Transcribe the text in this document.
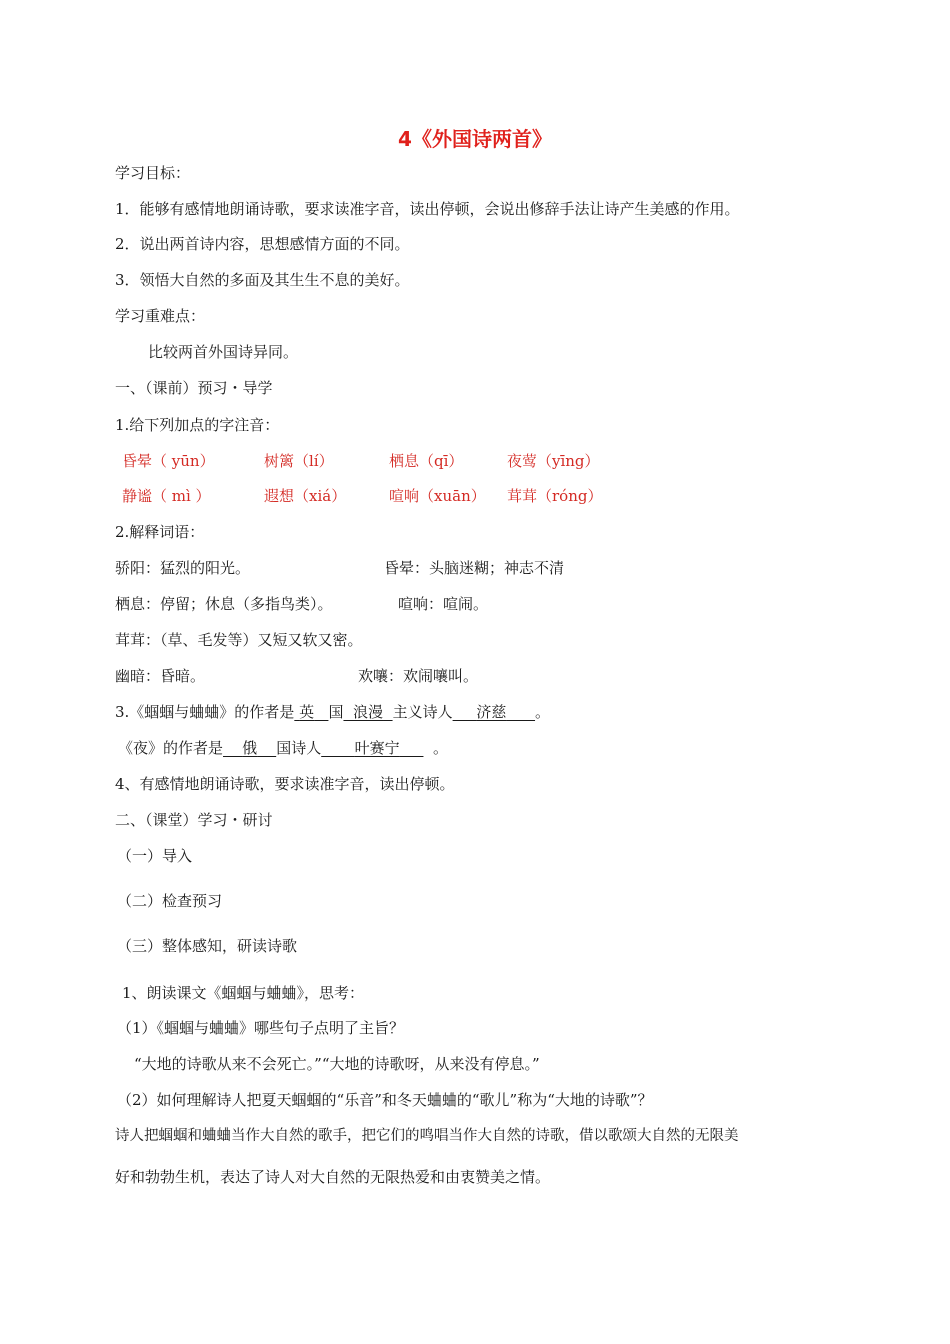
4《外国诗两首》
学习目标：
1．能够有感情地朗诵诗歌，要求读准字音，读出停顿，会说出修辞手法让诗产生美感的作用。
2．说出两首诗内容，思想感情方面的不同。
3．领悟大自然的多面及其生生不息的美好。
学习重难点：
比较两首外国诗异同。
一、（课前）预习・导学
1.给下列加点的字注音：
昏晕（ yūn）	树篱（lí）	栖息（qī）	夜莺（yīng）
静谧（ mì ）	遐想（xiá）	喧响（xuān） 茸茸（róng）
2.解释词语：
骄阳：猛烈的阳光。	昏晕：头脑迷糊；神志不清
栖息：停留；休息（多指鸟类）。	喧响：喧闹。
茸茸：（草、毛发等）又短又软又密。
幽暗：昏暗。	欢嚷：欢闹嚷叫。
3.《蝈蝈与蛐蛐》的作者是 英 国 浪漫 主义诗人 济慈 。
《夜》的作者是 俄 国诗人 叶赛宁 。
4、有感情地朗诵诗歌，要求读准字音，读出停顿。
二、（课堂）学习・研讨
（一）导入
（二）检查预习
（三）整体感知，研读诗歌
1、朗读课文《蝈蝈与蛐蛐》，思考：
（1）《蝈蝈与蛐蛐》哪些句子点明了主旨？
“大地的诗歌从来不会死亡。”“大地的诗歌呀，从来没有停息。”
（2）如何理解诗人把夏天蝈蝈的“乐音”和冬天蛐蛐的“歌儿”称为“大地的诗歌”？
诗人把蝈蝈和蛐蛐当作大自然的歌手，把它们的鸣唱当作大自然的诗歌，借以歌颂大自然的无限美
好和勃勃生机，表达了诗人对大自然的无限热爱和由衷赞美之情。
